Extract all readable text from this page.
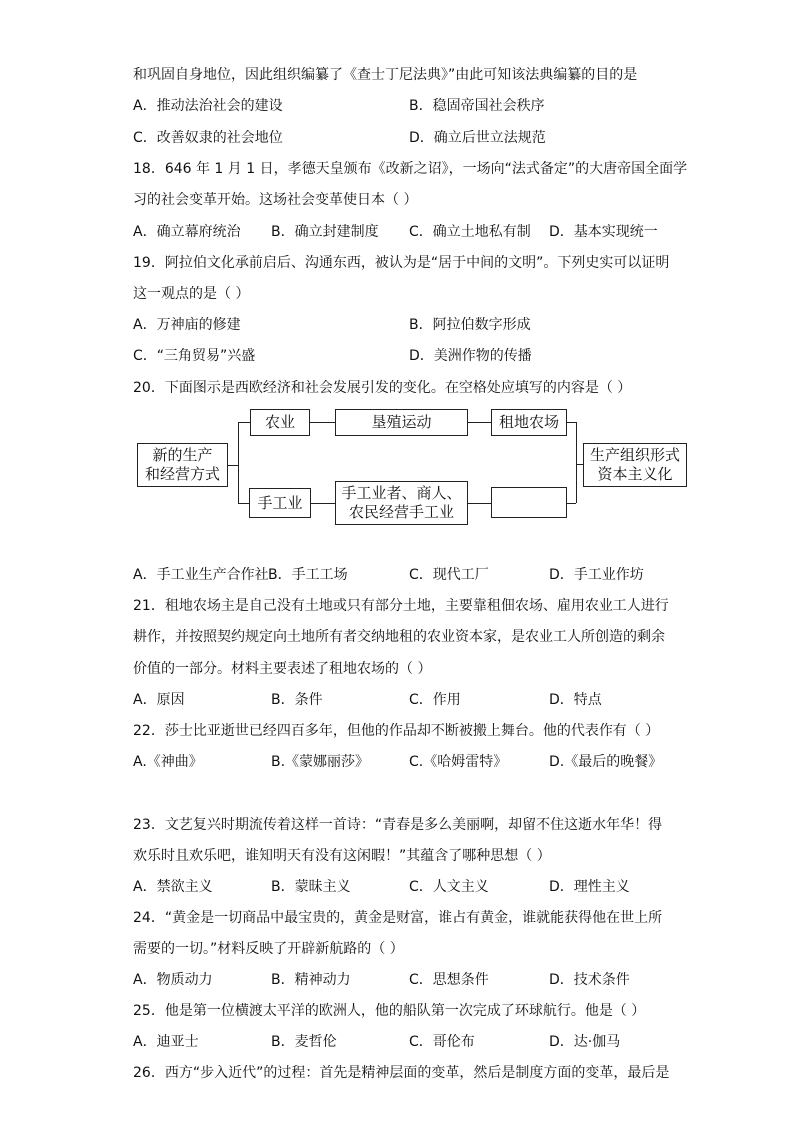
和巩固自身地位，因此组织编纂了《查士丁尼法典》”由此可知该法典编纂的目的是
A．推动法治社会的建设	B．稳固帝国社会秩序
C．改善奴隶的社会地位	D．确立后世立法规范
18．646 年 1 月 1 日，孝德天皇颁布《改新之诏》，一场向“法式备定”的大唐帝国全面学
习的社会变革开始。这场社会变革使日本（ ）
A．确立幕府统治 B．确立封建制度 C．确立土地私有制 D．基本实现统一
19．阿拉伯文化承前启后、沟通东西，被认为是“居于中间的文明”。下列史实可以证明
这一观点的是（ ）
A．万神庙的修建	B．阿拉伯数字形成
C．“三角贸易”兴盛	D．美洲作物的传播
20．下面图示是西欧经济和社会发展引发的变化。在空格处应填写的内容是（ ）
新的生产
和经营方式
农业	垦殖运动	租地农场
手工业
手工业者、商人、
农民经营手工业
生产组织形式
资本主义化
A．手工业生产合作社 B．手工工场	C．现代工厂	D．手工业作坊
21．租地农场主是自己没有土地或只有部分土地，主要靠租佃农场、雇用农业工人进行
耕作，并按照契约规定向土地所有者交纳地租的农业资本家，是农业工人所创造的剩余
价值的一部分。材料主要表述了租地农场的（ ）
A．原因	B．条件	C．作用	D．特点
22．莎士比亚逝世已经四百多年，但他的作品却不断被搬上舞台。他的代表作有（ ）
A.《神曲》	B.《蒙娜丽莎》	C.《哈姆雷特》	D.《最后的晚餐》
23．文艺复兴时期流传着这样一首诗：“青春是多么美丽啊，却留不住这逝水年华！得
欢乐时且欢乐吧，谁知明天有没有这闲暇！”其蕴含了哪种思想（ ）
A．禁欲主义	B．蒙昧主义	C．人文主义	D．理性主义
24．“黄金是一切商品中最宝贵的，黄金是财富，谁占有黄金，谁就能获得他在世上所
需要的一切。”材料反映了开辟新航路的（ ）
A．物质动力	B．精神动力	C．思想条件	D．技术条件
25．他是第一位横渡太平洋的欧洲人，他的船队第一次完成了环球航行。他是（ ）
A．迪亚士	B．麦哲伦	C．哥伦布	D．达·伽马
26．西方“步入近代”的过程：首先是精神层面的变革，然后是制度方面的变革，最后是
